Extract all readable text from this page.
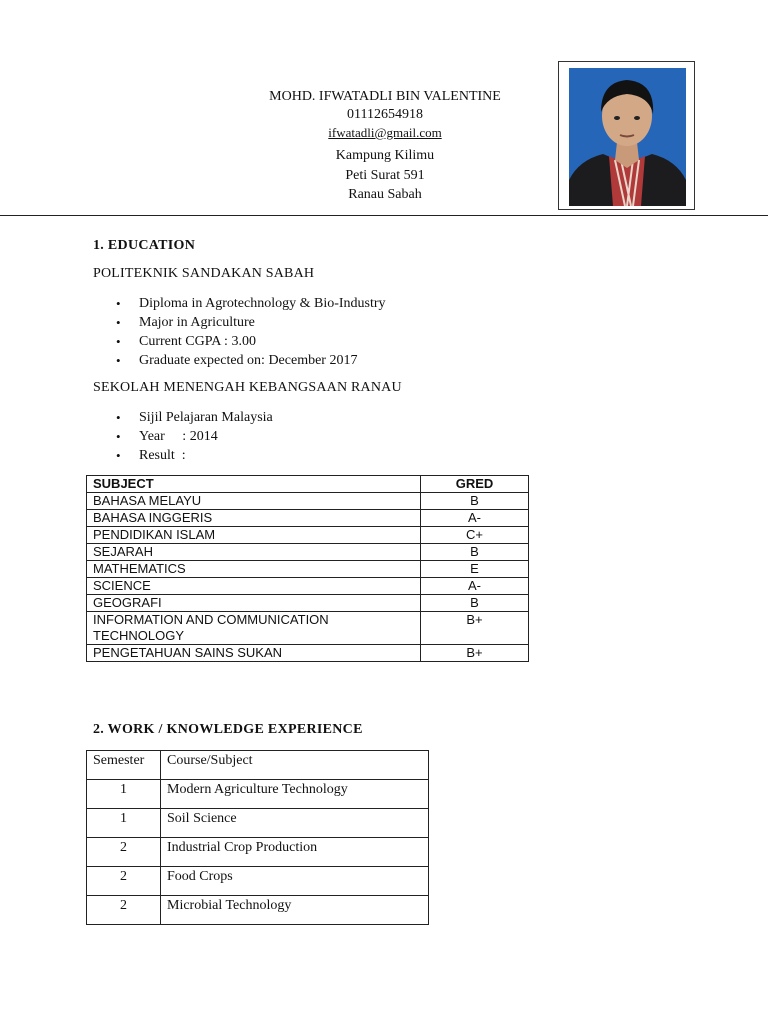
MOHD. IFWATADLI BIN VALENTINE
01112654918
ifwatadli@gmail.com
Kampung Kilimu
Peti Surat 591
Ranau Sabah
1. EDUCATION
POLITEKNIK SANDAKAN SABAH
• Diploma in Agrotechnology & Bio-Industry
• Major in Agriculture
• Current CGPA : 3.00
• Graduate expected on: December 2017
SEKOLAH MENENGAH KEBANGSAAN RANAU
• Sijil Pelajaran Malaysia
• Year     : 2014
• Result  :
SUBJECT	GRED
BAHASA MELAYU	B
BAHASA INGGERIS	A-
PENDIDIKAN ISLAM	C+
SEJARAH	B
MATHEMATICS	E
SCIENCE	A-
GEOGRAFI	B
INFORMATION AND COMMUNICATION TECHNOLOGY	B+
PENGETAHUAN SAINS SUKAN	B+
2. WORK / KNOWLEDGE EXPERIENCE
Semester	Course/Subject
1	Modern Agriculture Technology
1	Soil Science
2	Industrial Crop Production
2	Food Crops
2	Microbial Technology
